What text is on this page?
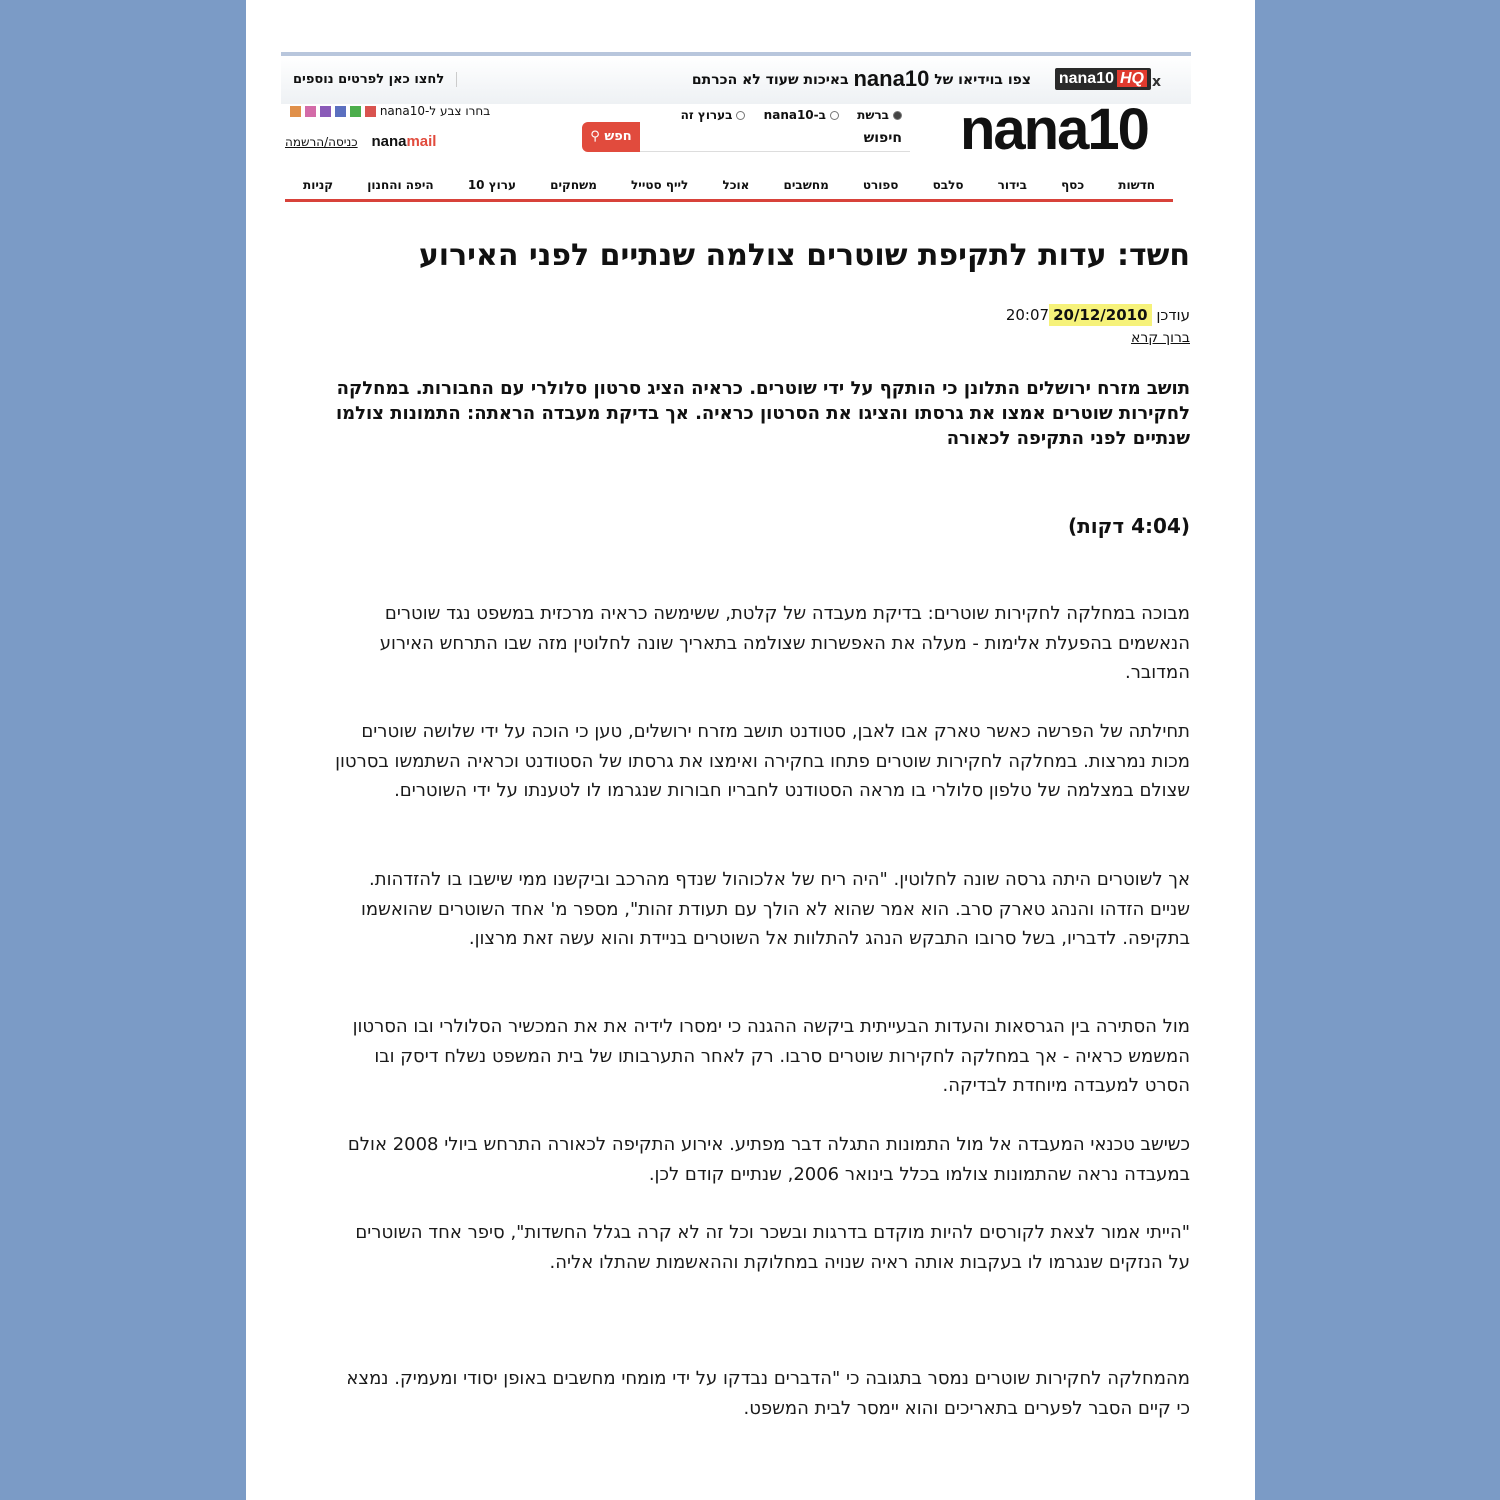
x
nana10 HQ
צפו בוידיאו של nana10 באיכות שעוד לא הכרתם
לחצו כאן לפרטים נוספים
nana10
ברשת ב-nana10 בערוץ זה
חיפוש
חפש ⚲
בחרו צבע ל-nana10
כניסה/הרשמה nanamail
חדשות
כסף
בידור
סלבס
ספורט
מחשבים
אוכל
לייף סטייל
משחקים
ערוץ 10
היפה והחנון
קניות
חשד: עדות לתקיפת שוטרים צולמה שנתיים לפני האירוע
עודכן 20:07 20/12/2010
ברוך קרא

תושב מזרח ירושלים התלונן כי הותקף על ידי שוטרים. כראיה הציג סרטון סלולרי עם החבורות. במחלקה לחקירות שוטרים אמצו את גרסתו והציגו את הסרטון כראיה. אך בדיקת מעבדה הראתה: התמונות צולמו שנתיים לפני התקיפה לכאורה

(4:04 דקות)

מבוכה במחלקה לחקירות שוטרים: בדיקת מעבדה של קלטת, ששימשה כראיה מרכזית במשפט נגד שוטרים הנאשמים בהפעלת אלימות - מעלה את האפשרות שצולמה בתאריך שונה לחלוטין מזה שבו התרחש האירוע המדובר.

תחילתה של הפרשה כאשר טארק אבו לאבן, סטודנט תושב מזרח ירושלים, טען כי הוכה על ידי שלושה שוטרים מכות נמרצות. במחלקה לחקירות שוטרים פתחו בחקירה ואימצו את גרסתו של הסטודנט וכראיה השתמשו בסרטון שצולם במצלמה של טלפון סלולרי בו מראה הסטודנט לחבריו חבורות שנגרמו לו לטענתו על ידי השוטרים.

אך לשוטרים היתה גרסה שונה לחלוטין. "היה ריח של אלכוהול שנדף מהרכב וביקשנו ממי שישבו בו להזדהות. שניים הזדהו והנהג טארק סרב. הוא אמר שהוא לא הולך עם תעודת זהות", מספר מ' אחד השוטרים שהואשמו בתקיפה. לדבריו, בשל סרובו התבקש הנהג להתלוות אל השוטרים בניידת והוא עשה זאת מרצון.

מול הסתירה בין הגרסאות והעדות הבעייתית ביקשה ההגנה כי ימסרו לידיה את את המכשיר הסלולרי ובו הסרטון המשמש כראיה - אך במחלקה לחקירות שוטרים סרבו. רק לאחר התערבותו של בית המשפט נשלח דיסק ובו הסרט למעבדה מיוחדת לבדיקה.

כשישב טכנאי המעבדה אל מול התמונות התגלה דבר מפתיע. אירוע התקיפה לכאורה התרחש ביולי 2008 אולם במעבדה נראה שהתמונות צולמו בכלל בינואר 2006, שנתיים קודם לכן.

"הייתי אמור לצאת לקורסים להיות מוקדם בדרגות ובשכר וכל זה לא קרה בגלל החשדות", סיפר אחד השוטרים על הנזקים שנגרמו לו בעקבות אותה ראיה שנויה במחלוקת וההאשמות שהתלו אליה.

מהמחלקה לחקירות שוטרים נמסר בתגובה כי "הדברים נבדקו על ידי מומחי מחשבים באופן יסודי ומעמיק. נמצא כי קיים הסבר לפערים בתאריכים והוא יימסר לבית המשפט.
